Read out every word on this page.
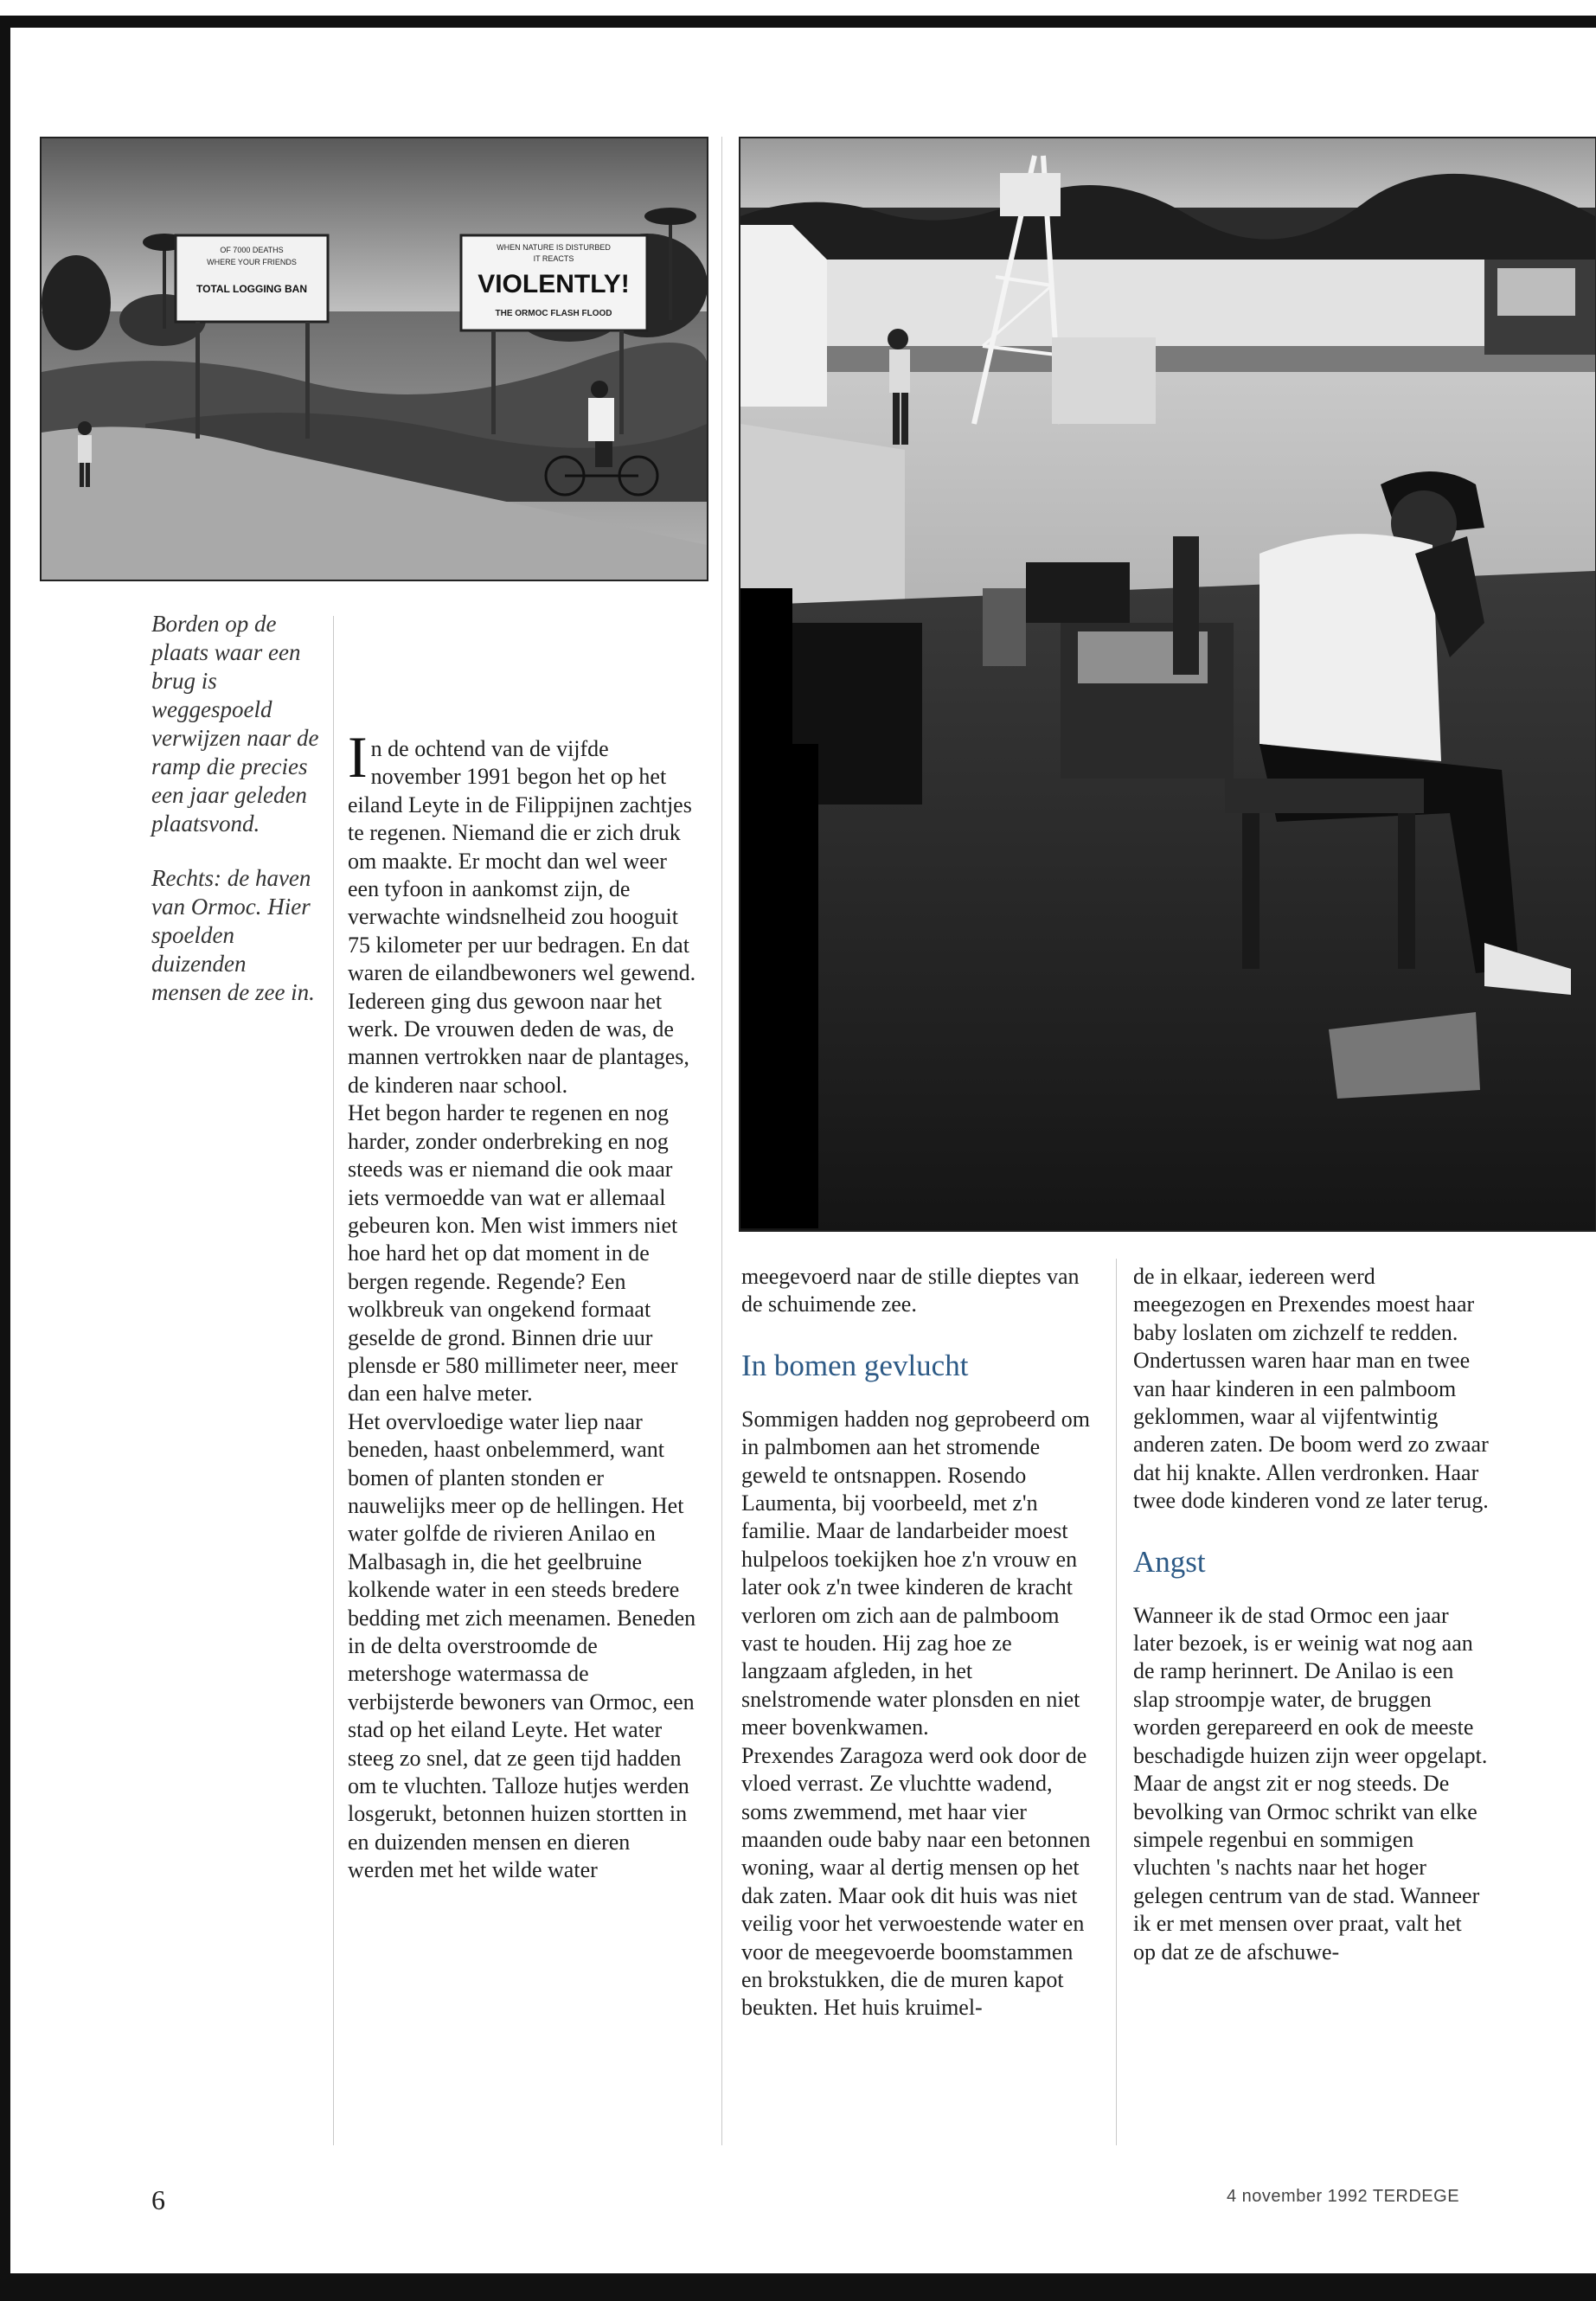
OF 7000 DEATHS
WHERE YOUR FRIENDS
TOTAL LOGGING BAN
WHEN NATURE IS DISTURBED
IT REACTS
VIOLENTLY!
THE ORMOC FLASH FLOOD

Borden op de plaats waar een brug is weggespoeld verwijzen naar de ramp die precies een jaar geleden plaatsvond.

Rechts: de haven van Ormoc. Hier spoelden duizenden mensen de zee in.

In de ochtend van de vijfde november 1991 begon het op het eiland Leyte in de Filippijnen zachtjes te regenen. Niemand die er zich druk om maakte. Er mocht dan wel weer een tyfoon in aankomst zijn, de verwachte windsnelheid zou hooguit 75 kilometer per uur bedragen. En dat waren de eilandbewoners wel gewend. Iedereen ging dus gewoon naar het werk. De vrouwen deden de was, de mannen vertrokken naar de plantages, de kinderen naar school.

Het begon harder te regenen en nog harder, zonder onderbreking en nog steeds was er niemand die ook maar iets vermoedde van wat er allemaal gebeuren kon. Men wist immers niet hoe hard het op dat moment in de bergen regende. Regende? Een wolkbreuk van ongekend formaat geselde de grond. Binnen drie uur plensde er 580 millimeter neer, meer dan een halve meter.

Het overvloedige water liep naar beneden, haast onbelemmerd, want bomen of planten stonden er nauwelijks meer op de hellingen. Het water golfde de rivieren Anilao en Malbasagh in, die het geelbruine kolkende water in een steeds bredere bedding met zich meenamen. Beneden in de delta overstroomde de metershoge watermassa de verbijsterde bewoners van Ormoc, een stad op het eiland Leyte. Het water steeg zo snel, dat ze geen tijd hadden om te vluchten. Talloze hutjes werden losgerukt, betonnen huizen stortten in en duizenden mensen en dieren werden met het wilde water

meegevoerd naar de stille dieptes van de schuimende zee.

In bomen gevlucht

Sommigen hadden nog geprobeerd om in palmbomen aan het stromende geweld te ontsnappen. Rosendo Laumenta, bij voorbeeld, met z'n familie. Maar de landarbeider moest hulpeloos toekijken hoe z'n vrouw en later ook z'n twee kinderen de kracht verloren om zich aan de palmboom vast te houden. Hij zag hoe ze langzaam afgleden, in het snelstromende water plonsden en niet meer bovenkwamen.

Prexendes Zaragoza werd ook door de vloed verrast. Ze vluchtte wadend, soms zwemmend, met haar vier maanden oude baby naar een betonnen woning, waar al dertig mensen op het dak zaten. Maar ook dit huis was niet veilig voor het verwoestende water en voor de meegevoerde boomstammen en brokstukken, die de muren kapot beukten. Het huis kruimel-

de in elkaar, iedereen werd meegezogen en Prexendes moest haar baby loslaten om zichzelf te redden. Ondertussen waren haar man en twee van haar kinderen in een palmboom geklommen, waar al vijfentwintig anderen zaten. De boom werd zo zwaar dat hij knakte. Allen verdronken. Haar twee dode kinderen vond ze later terug.

Angst

Wanneer ik de stad Ormoc een jaar later bezoek, is er weinig wat nog aan de ramp herinnert. De Anilao is een slap stroompje water, de bruggen worden gerepareerd en ook de meeste beschadigde huizen zijn weer opgelapt.

Maar de angst zit er nog steeds. De bevolking van Ormoc schrikt van elke simpele regenbui en sommigen vluchten 's nachts naar het hoger gelegen centrum van de stad. Wanneer ik er met mensen over praat, valt het op dat ze de afschuwe-

6	4 november 1992 TERDEGE
